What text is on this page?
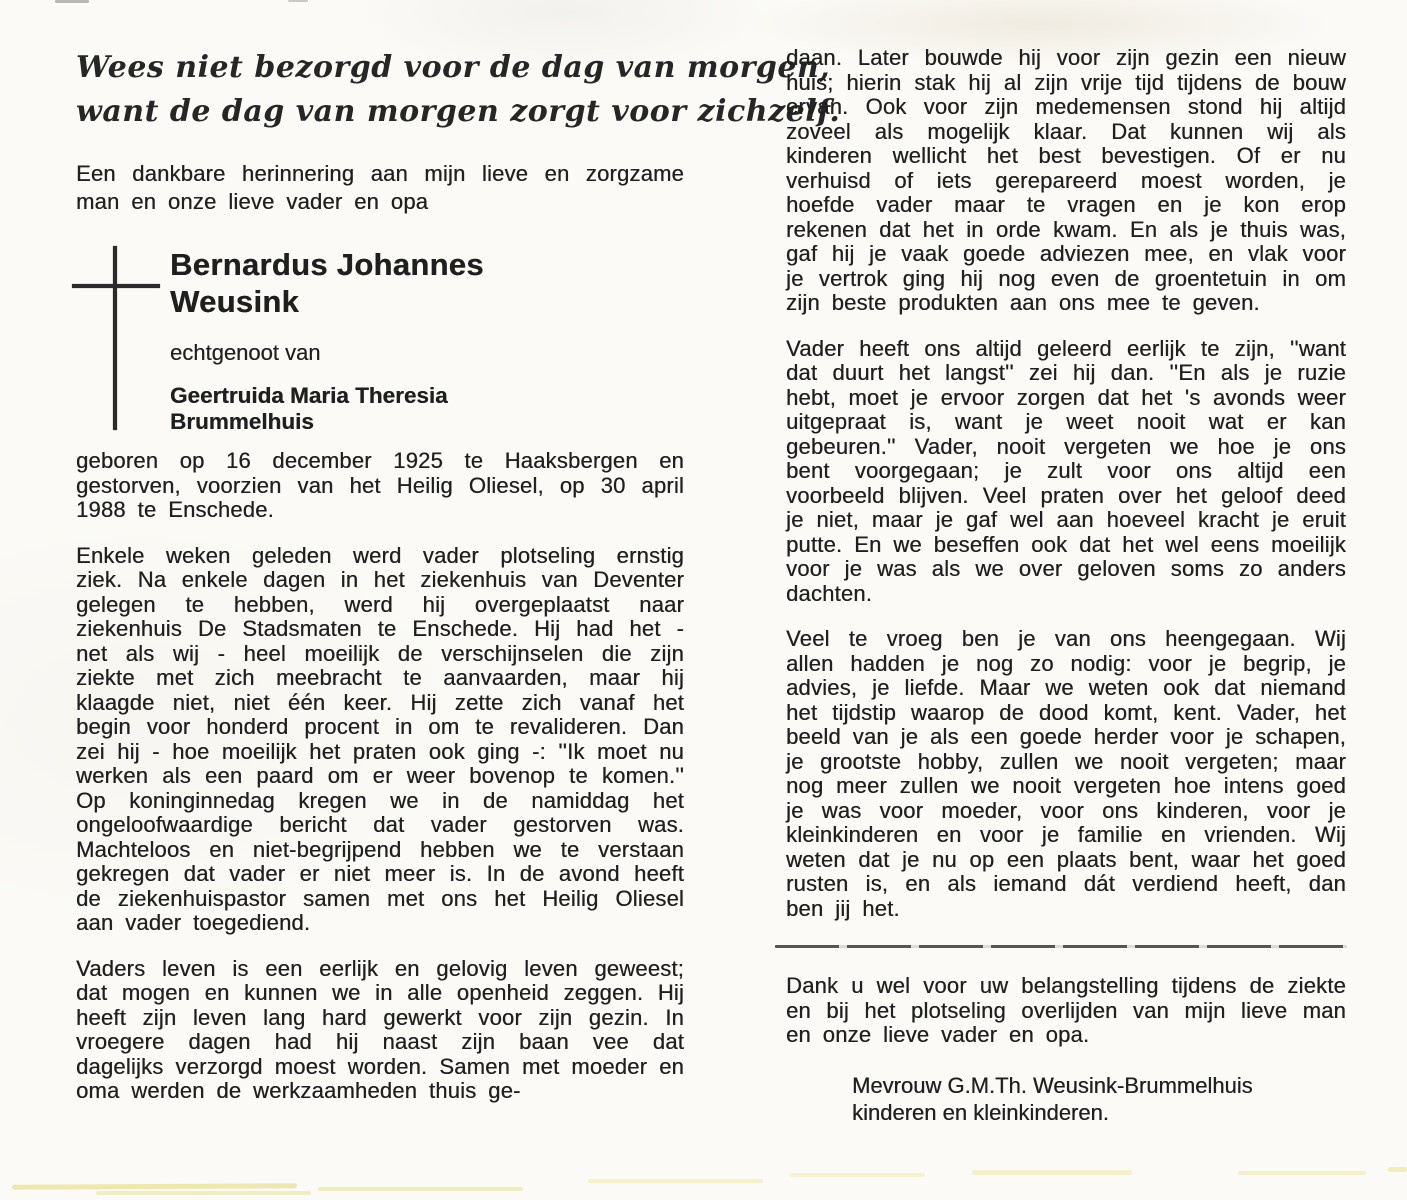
Wees niet bezorgd voor de dag van morgen,
want de dag van morgen zorgt voor zichzelf.

Een dankbare herinnering aan mijn lieve en zorgzame man en onze lieve vader en opa

Bernardus Johannes
Weusink
echtgenoot van
Geertruida Maria Theresia
Brummelhuis

geboren op 16 december 1925 te Haaksbergen en gestorven, voorzien van het Heilig Oliesel, op 30 april 1988 te Enschede.

Enkele weken geleden werd vader plotseling ernstig ziek. Na enkele dagen in het ziekenhuis van Deventer gelegen te hebben, werd hij overgeplaatst naar ziekenhuis De Stadsmaten te Enschede. Hij had het - net als wij - heel moeilijk de verschijnselen die zijn ziekte met zich meebracht te aanvaarden, maar hij klaagde niet, niet één keer. Hij zette zich vanaf het begin voor honderd procent in om te revalideren. Dan zei hij - hoe moeilijk het praten ook ging -: ''Ik moet nu werken als een paard om er weer bovenop te komen.'' Op koninginnedag kregen we in de namiddag het ongeloofwaardige bericht dat vader gestorven was. Machteloos en niet-begrijpend hebben we te verstaan gekregen dat vader er niet meer is. In de avond heeft de ziekenhuispastor samen met ons het Heilig Oliesel aan vader toegediend.

Vaders leven is een eerlijk en gelovig leven geweest; dat mogen en kunnen we in alle openheid zeggen. Hij heeft zijn leven lang hard gewerkt voor zijn gezin. In vroegere dagen had hij naast zijn baan vee dat dagelijks verzorgd moest worden. Samen met moeder en oma werden de werkzaamheden thuis ge-

daan. Later bouwde hij voor zijn gezin een nieuw huis; hierin stak hij al zijn vrije tijd tijdens de bouw ervan. Ook voor zijn medemensen stond hij altijd zoveel als mogelijk klaar. Dat kunnen wij als kinderen wellicht het best bevestigen. Of er nu verhuisd of iets gerepareerd moest worden, je hoefde vader maar te vragen en je kon erop rekenen dat het in orde kwam. En als je thuis was, gaf hij je vaak goede adviezen mee, en vlak voor je vertrok ging hij nog even de groentetuin in om zijn beste produkten aan ons mee te geven.

Vader heeft ons altijd geleerd eerlijk te zijn, ''want dat duurt het langst'' zei hij dan. ''En als je ruzie hebt, moet je ervoor zorgen dat het 's avonds weer uitgepraat is, want je weet nooit wat er kan gebeuren.'' Vader, nooit vergeten we hoe je ons bent voorgegaan; je zult voor ons altijd een voorbeeld blijven. Veel praten over het geloof deed je niet, maar je gaf wel aan hoeveel kracht je eruit putte. En we beseffen ook dat het wel eens moeilijk voor je was als we over geloven soms zo anders dachten.

Veel te vroeg ben je van ons heengegaan. Wij allen hadden je nog zo nodig: voor je begrip, je advies, je liefde. Maar we weten ook dat niemand het tijdstip waarop de dood komt, kent. Vader, het beeld van je als een goede herder voor je schapen, je grootste hobby, zullen we nooit vergeten; maar nog meer zullen we nooit vergeten hoe intens goed je was voor moeder, voor ons kinderen, voor je kleinkinderen en voor je familie en vrienden. Wij weten dat je nu op een plaats bent, waar het goed rusten is, en als iemand dát verdiend heeft, dan ben jij het.

Dank u wel voor uw belangstelling tijdens de ziekte en bij het plotseling overlijden van mijn lieve man en onze lieve vader en opa.

Mevrouw G.M.Th. Weusink-Brummelhuis
kinderen en kleinkinderen.
